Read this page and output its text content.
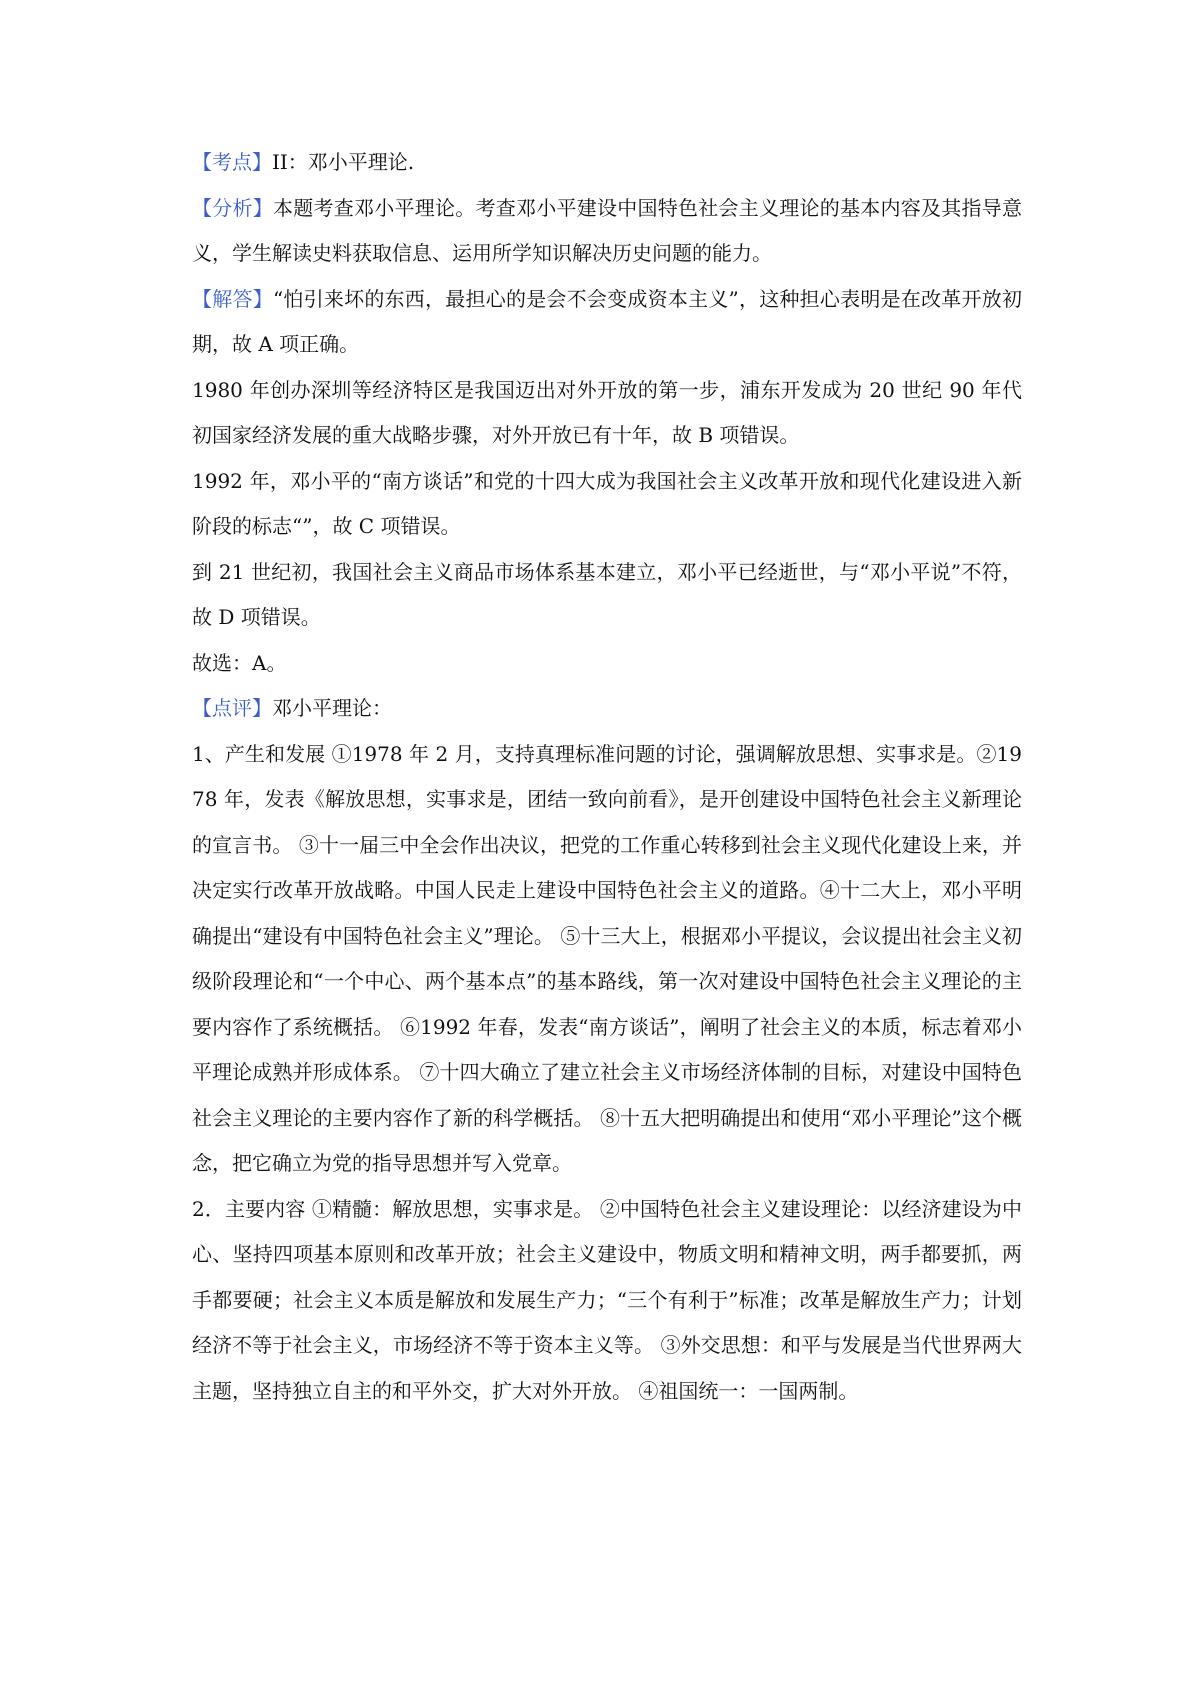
【考点】II：邓小平理论.

【分析】本题考查邓小平理论。考查邓小平建设中国特色社会主义理论的基本内容及其指导意义，学生解读史料获取信息、运用所学知识解决历史问题的能力。

【解答】“怕引来坏的东西，最担心的是会不会变成资本主义”，这种担心表明是在改革开放初期，故 A 项正确。

1980 年创办深圳等经济特区是我国迈出对外开放的第一步，浦东开发成为 20 世纪 90 年代初国家经济发展的重大战略步骤，对外开放已有十年，故 B 项错误。

1992 年，邓小平的“南方谈话”和党的十四大成为我国社会主义改革开放和现代化建设进入新阶段的标志“”，故 C 项错误。

到 21 世纪初，我国社会主义商品市场体系基本建立，邓小平已经逝世，与“邓小平说”不符，故 D 项错误。

故选：A。

【点评】邓小平理论：

1、产生和发展 ①1978 年 2 月，支持真理标准问题的讨论，强调解放思想、实事求是。②1978 年，发表《解放思想，实事求是，团结一致向前看》，是开创建设中国特色社会主义新理论的宣言书。 ③十一届三中全会作出决议，把党的工作重心转移到社会主义现代化建设上来，并决定实行改革开放战略。中国人民走上建设中国特色社会主义的道路。④十二大上，邓小平明确提出“建设有中国特色社会主义”理论。 ⑤十三大上，根据邓小平提议，会议提出社会主义初级阶段理论和“一个中心、两个基本点”的基本路线，第一次对建设中国特色社会主义理论的主要内容作了系统概括。 ⑥1992 年春，发表“南方谈话”，阐明了社会主义的本质，标志着邓小平理论成熟并形成体系。 ⑦十四大确立了建立社会主义市场经济体制的目标，对建设中国特色社会主义理论的主要内容作了新的科学概括。 ⑧十五大把明确提出和使用“邓小平理论”这个概念，把它确立为党的指导思想并写入党章。

2．主要内容 ①精髓：解放思想，实事求是。 ②中国特色社会主义建设理论：以经济建设为中心、坚持四项基本原则和改革开放；社会主义建设中，物质文明和精神文明，两手都要抓，两手都要硬；社会主义本质是解放和发展生产力；“三个有利于”标准；改革是解放生产力；计划经济不等于社会主义，市场经济不等于资本主义等。 ③外交思想：和平与发展是当代世界两大主题，坚持独立自主的和平外交，扩大对外开放。 ④祖国统一：一国两制。
